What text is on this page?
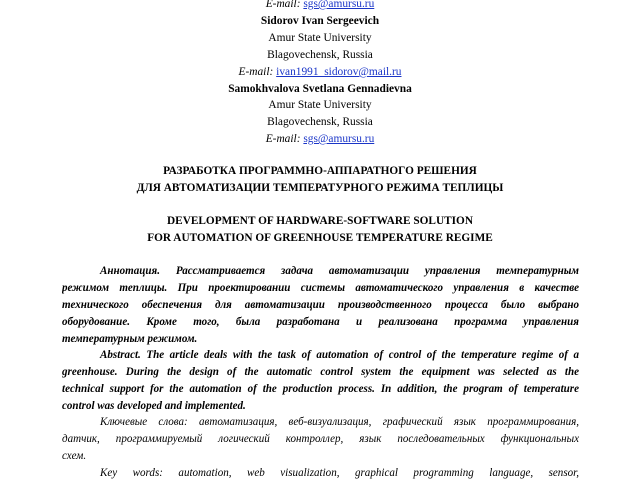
E-mail: sgs@amursu.ru
Sidorov Ivan Sergeevich
Amur State University
Blagovechensk, Russia
E-mail: ivan1991_sidorov@mail.ru
Samokhvalova Svetlana Gennadievna
Amur State University
Blagovechensk, Russia
E-mail: sgs@amursu.ru
РАЗРАБОТКА ПРОГРАММНО-АППАРАТНОГО РЕШЕНИЯ
ДЛЯ АВТОМАТИЗАЦИИ ТЕМПЕРАТУРНОГО РЕЖИМА ТЕПЛИЦЫ
DEVELOPMENT OF HARDWARE-SOFTWARE SOLUTION
FOR AUTOMATION OF GREENHOUSE TEMPERATURE REGIME
Аннотация. Рассматривается задача автоматизации управления температурным
режимом теплицы. При проектировании системы автоматического управления в качестве
технического обеспечения для автоматизации производственного процесса было выбрано
оборудование. Кроме того, была разработана и реализована программа управления
температурным режимом.
Abstract. The article deals with the task of automation of control of the temperature regime of a
greenhouse. During the design of the automatic control system the equipment was selected as the
technical support for the automation of the production process. In addition, the program of temperature
control was developed and implemented.
Ключевые слова: автоматизация, веб-визуализация, графический язык программирования,
датчик, программируемый логический контроллер, язык последовательных функциональных
схем.
Key words: automation, web visualization, graphical programming language, sensor,
